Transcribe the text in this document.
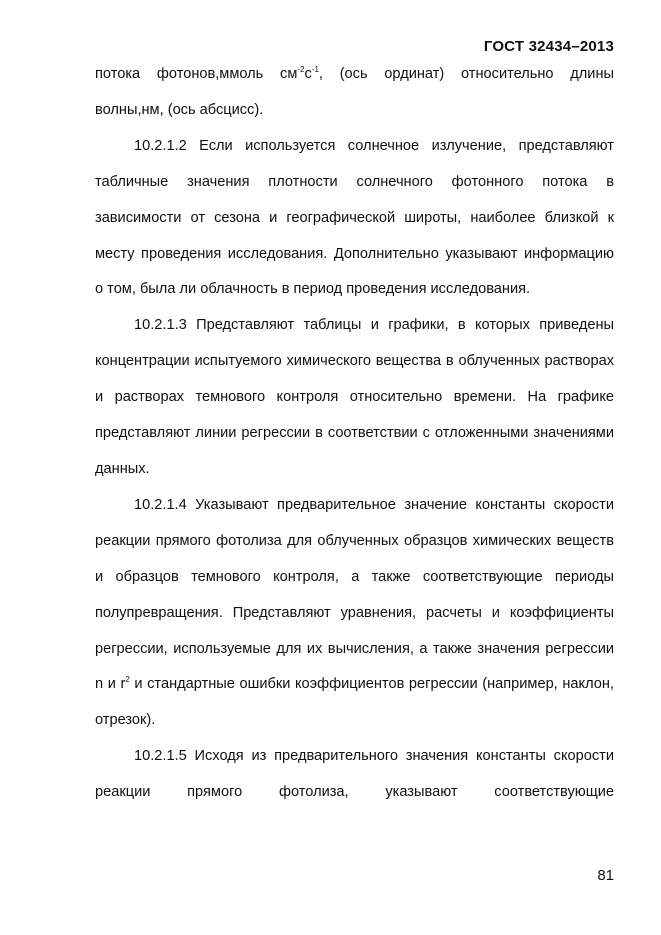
ГОСТ 32434–2013

потока фотонов,ммоль $см^{-2}с^{-1}$, (ось ординат) относительно длины
волны,нм, (ось абсцисс).

10.2.1.2 Если используется солнечное излучение, представляют табличные значения плотности солнечного фотонного потока в зависимости от сезона и географической широты, наиболее близкой к месту проведения исследования. Дополнительно указывают информацию о том, была ли облачность в период проведения исследования.

10.2.1.3 Представляют таблицы и графики, в которых приведены концентрации испытуемого химического вещества в облученных растворах и растворах темнового контроля относительно времени. На графике представляют линии регрессии в соответствии с отложенными значениями данных.

10.2.1.4 Указывают предварительное значение константы скорости реакции прямого фотолиза для облученных образцов химических веществ и образцов темнового контроля, а также соответствующие периоды полупревращения. Представляют уравнения, расчеты и коэффициенты регрессии, используемые для их вычисления, а также значения регрессии n и $r^2$ и стандартные ошибки коэффициентов регрессии (например, наклон, отрезок).

10.2.1.5 Исходя из предварительного значения константы скорости реакции прямого фотолиза, указывают соответствующие

81
